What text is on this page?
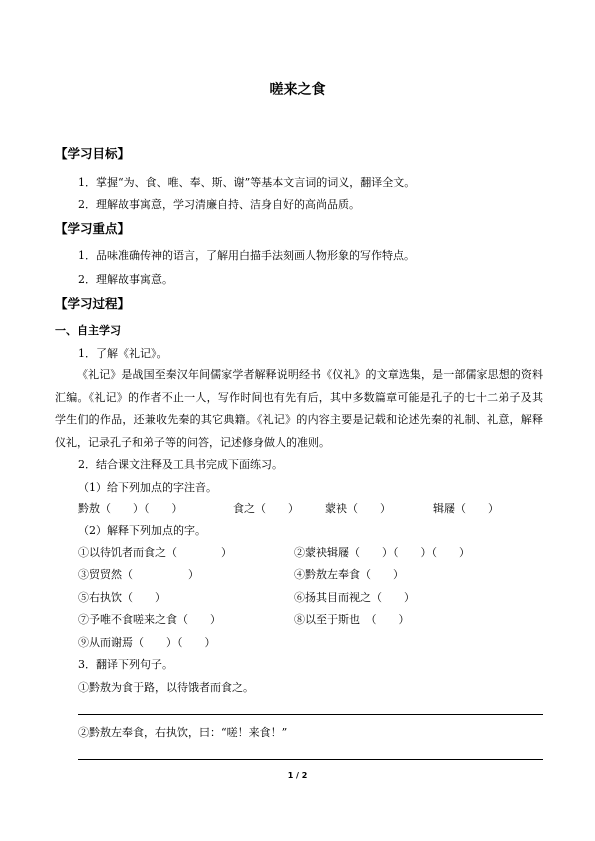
嗟来之食
【学习目标】
1．掌握“为、食、唯、奉、斯、谢”等基本文言词的词义，翻译全文。
2．理解故事寓意，学习清廉自持、洁身自好的高尚品质。
【学习重点】
1．品味准确传神的语言，了解用白描手法刻画人物形象的写作特点。
2．理解故事寓意。
【学习过程】
一、自主学习
1．了解《礼记》。
《礼记》是战国至秦汉年间儒家学者解释说明经书《仪礼》的文章选集，是一部儒家思想的资料汇编。《礼记》的作者不止一人，写作时间也有先有后，其中多数篇章可能是孔子的七十二弟子及其学生们的作品，还兼收先秦的其它典籍。《礼记》的内容主要是记载和论述先秦的礼制、礼意，解释仪礼，记录孔子和弟子等的问答，记述修身做人的准则。
2．结合课文注释及工具书完成下面练习。
（1）给下列加点的字注音。
黔敖（　　）（　　）	食之（　　） 蒙袂（　　）	辑屦（　　）
（2）解释下列加点的字。
①以待饥者而食之（　　　　）	②蒙袂辑屦（　　）（　　）（　　）
③贸贸然（　　　　　）	④黔敖左奉食（　　）
⑤右执饮（　　）	⑥扬其目而视之（　　）
⑦予唯不食嗟来之食（　　）	⑧以至于斯也　（　　）
⑨从而谢焉（　　）（　　）
3．翻译下列句子。
①黔敖为食于路，以待饿者而食之。
②黔敖左奉食，右执饮，曰：“嗟！来食！”
1 / 2
